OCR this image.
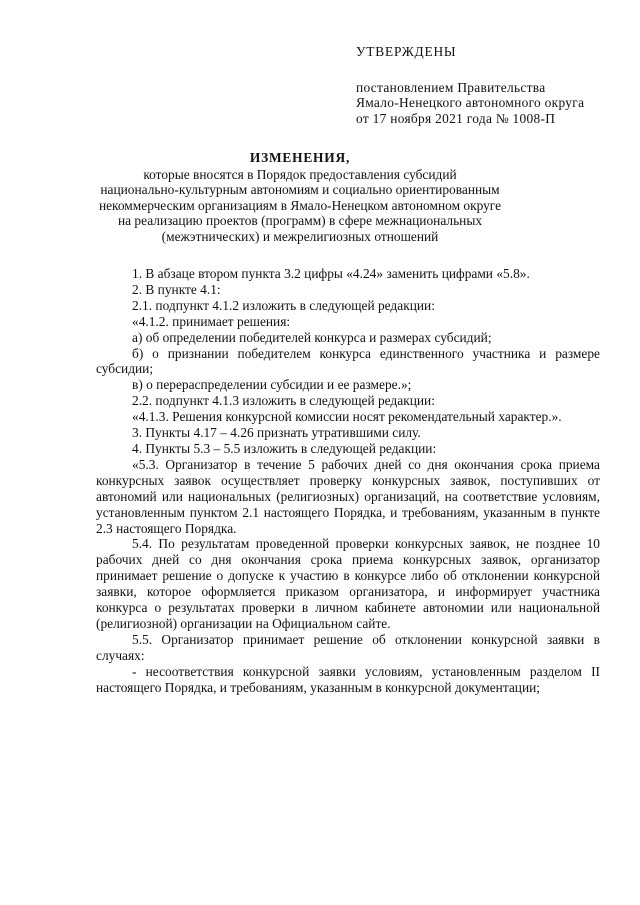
УТВЕРЖДЕНЫ
постановлением Правительства
Ямало-Ненецкого автономного округа
от 17 ноября 2021 года № 1008-П
ИЗМЕНЕНИЯ,
которые вносятся в Порядок предоставления субсидий
национально-культурным автономиям и социально ориентированным
некоммерческим организациям в Ямало-Ненецком автономном округе
на реализацию проектов (программ) в сфере межнациональных
(межэтнических) и межрелигиозных отношений

1. В абзаце втором пункта 3.2 цифры «4.24» заменить цифрами «5.8».

2. В пункте 4.1:

2.1. подпункт 4.1.2 изложить в следующей редакции:

«4.1.2. принимает решения:

а) об определении победителей конкурса и размерах субсидий;

б) о признании победителем конкурса единственного участника и размере субсидии;

в) о перераспределении субсидии и ее размере.»;

2.2. подпункт 4.1.3 изложить в следующей редакции:

«4.1.3. Решения конкурсной комиссии носят рекомендательный характер.».

3. Пункты 4.17 – 4.26 признать утратившими силу.

4. Пункты 5.3 – 5.5 изложить в следующей редакции:

«5.3. Организатор в течение 5 рабочих дней со дня окончания срока приема конкурсных заявок осуществляет проверку конкурсных заявок, поступивших от автономий или национальных (религиозных) организаций, на соответствие условиям, установленным пунктом 2.1 настоящего Порядка, и требованиям, указанным в пункте 2.3 настоящего Порядка.

5.4. По результатам проведенной проверки конкурсных заявок, не позднее 10 рабочих дней со дня окончания срока приема конкурсных заявок, организатор принимает решение о допуске к участию в конкурсе либо об отклонении конкурсной заявки, которое оформляется приказом организатора, и информирует участника конкурса о результатах проверки в личном кабинете автономии или национальной (религиозной) организации на Официальном сайте.

5.5. Организатор принимает решение об отклонении конкурсной заявки в случаях:

- несоответствия конкурсной заявки условиям, установленным разделом II настоящего Порядка, и требованиям, указанным в конкурсной документации;
